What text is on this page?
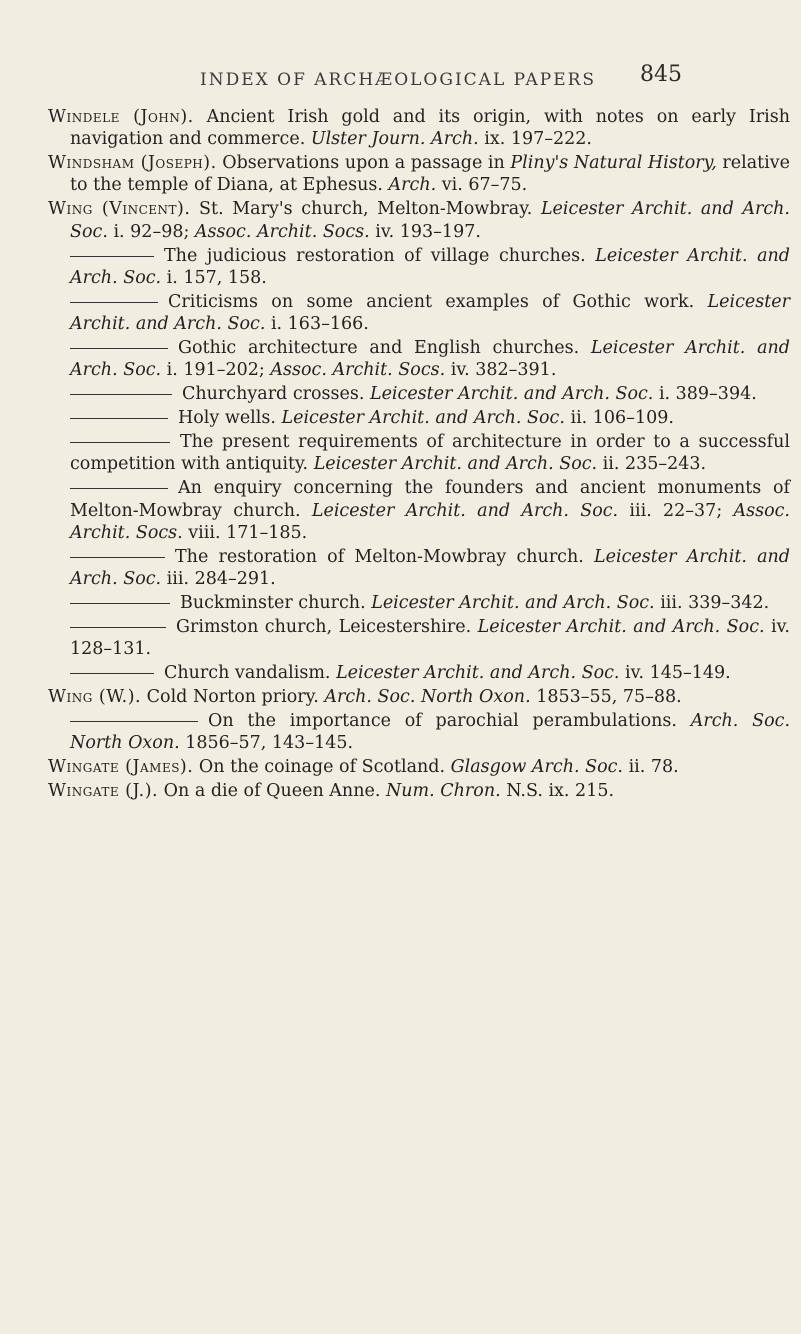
INDEX OF ARCHÆOLOGICAL PAPERS 845

Windele (John). Ancient Irish gold and its origin, with notes on early Irish navigation and commerce. Ulster Journ. Arch. ix. 197–222.

Windsham (Joseph). Observations upon a passage in Pliny's Natural History, relative to the temple of Diana, at Ephesus. Arch. vi. 67–75.

Wing (Vincent). St. Mary's church, Melton-Mowbray. Leicester Archit. and Arch. Soc. i. 92–98; Assoc. Archit. Socs. iv. 193–197.

The judicious restoration of village churches. Leicester Archit. and Arch. Soc. i. 157, 158.

Criticisms on some ancient examples of Gothic work. Leicester Archit. and Arch. Soc. i. 163–166.

Gothic architecture and English churches. Leicester Archit. and Arch. Soc. i. 191–202; Assoc. Archit. Socs. iv. 382–391.

Churchyard crosses. Leicester Archit. and Arch. Soc. i. 389–394.

Holy wells. Leicester Archit. and Arch. Soc. ii. 106–109.

The present requirements of architecture in order to a successful competition with antiquity. Leicester Archit. and Arch. Soc. ii. 235–243.

An enquiry concerning the founders and ancient monuments of Melton-Mowbray church. Leicester Archit. and Arch. Soc. iii. 22–37; Assoc. Archit. Socs. viii. 171–185.

The restoration of Melton-Mowbray church. Leicester Archit. and Arch. Soc. iii. 284–291.

Buckminster church. Leicester Archit. and Arch. Soc. iii. 339–342.

Grimston church, Leicestershire. Leicester Archit. and Arch. Soc. iv. 128–131.

Church vandalism. Leicester Archit. and Arch. Soc. iv. 145–149.

Wing (W.). Cold Norton priory. Arch. Soc. North Oxon. 1853–55, 75–88.

On the importance of parochial perambulations. Arch. Soc. North Oxon. 1856–57, 143–145.

Wingate (James). On the coinage of Scotland. Glasgow Arch. Soc. ii. 78.

Wingate (J.). On a die of Queen Anne. Num. Chron. N.S. ix. 215.
